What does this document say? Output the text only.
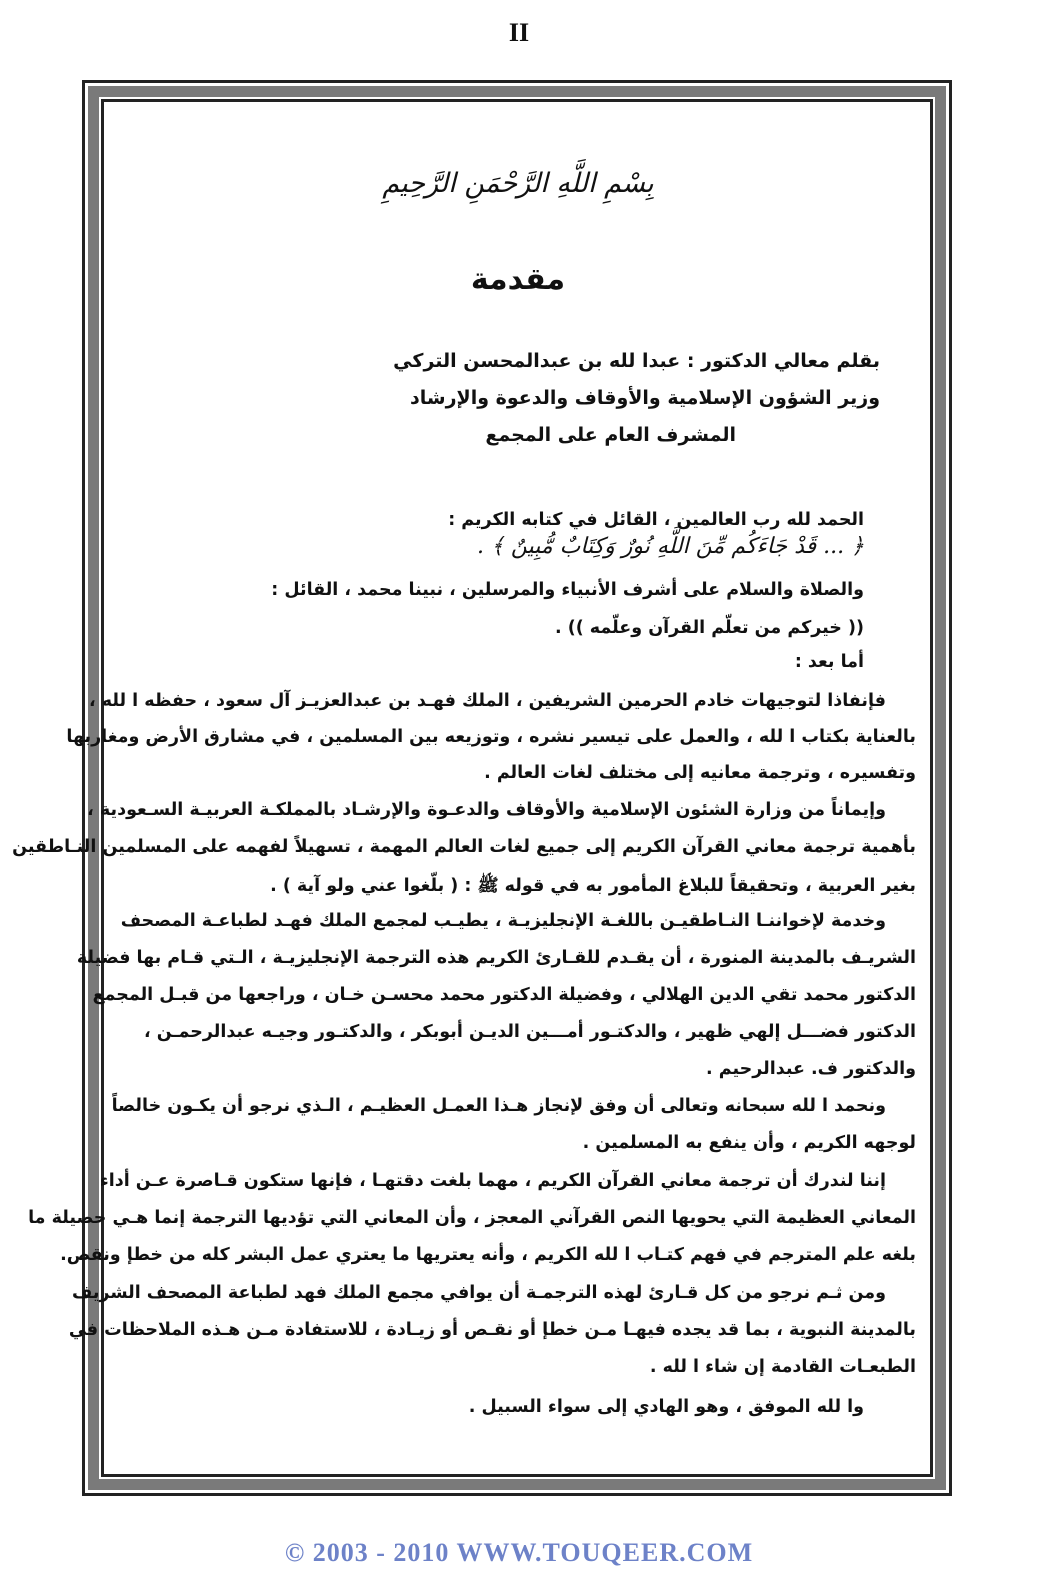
II
بِسْمِ اللَّهِ الرَّحْمَنِ الرَّحِيمِ
مقدمة
بقلم معالي الدكتور : عبدا لله بن عبدالمحسن التركي
وزير الشؤون الإسلامية والأوقاف والدعوة والإرشاد
المشرف العام على المجمع
الحمد لله رب العالمين ، القائل في كتابه الكريم :
﴿ ... قَدْ جَاءَكُم مِّنَ اللَّهِ نُورٌ وَكِتَابٌ مُّبِينٌ ﴾ .
والصلاة والسلام على أشرف الأنبياء والمرسلين ، نبينا محمد ، القائل :
(( خيركم من تعلّم القرآن وعلّمه )) .
أما بعد :
فإنفاذا لتوجيهات خادم الحرمين الشريفين ، الملك فهـد بن عبدالعزيـز آل سعود ، حفظه ا لله ،
بالعناية بكتاب ا لله ، والعمل على تيسير نشره ، وتوزيعه بين المسلمين ، في مشارق الأرض ومغاربها
وتفسيره ، وترجمة معانيه إلى مختلف لغات العالم .
وإيماناً من وزارة الشئون الإسلامية والأوقاف والدعـوة والإرشـاد بالمملكـة العربيـة السـعودية ،
بأهمية ترجمة معاني القرآن الكريم إلى جميع لغات العالم المهمة ، تسهيلاً لفهمه على المسلمين النـاطقين
بغير العربية ، وتحقيقاً للبلاغ المأمور به في قوله ﷺ : ( بلّغوا عني ولو آية ) .
وخدمة لإخواننـا النـاطقيـن باللغـة الإنجليزيـة ، يطيـب لمجمع الملك فهـد لطباعـة المصحف
الشريـف بالمدينة المنورة ، أن يقـدم للقـارئ الكريم هذه الترجمة الإنجليزيـة ، الـتي قـام بها فضيلة
الدكتور محمد تقي الدين الهلالي ، وفضيلة الدكتور محمد محسـن خـان ، وراجعها من قبـل المجمع
الدكتور فضـــل إلهي ظهير ، والدكتـور أمـــين الديـن أبوبكر ، والدكتـور وجيـه عبدالرحمـن ،
والدكتور ف. عبدالرحيم .
ونحمد ا لله سبحانه وتعالى أن وفق لإنجاز هـذا العمـل العظيـم ، الـذي نرجو أن يكـون خالصاً
لوجهه الكريم ، وأن ينفع به المسلمين .
إننا لندرك أن ترجمة معاني القرآن الكريم ، مهما بلغت دقتهـا ، فإنها ستكون قـاصرة عـن أداء
المعاني العظيمة التي يحويها النص القرآني المعجز ، وأن المعاني التي تؤديها الترجمة إنما هـي حصيلة ما
بلغه علم المترجم في فهم كتـاب ا لله الكريم ، وأنه يعتريها ما يعتري عمل البشر كله من خطإ ونقص.
ومن ثـم نرجو من كل قـارئ لهذه الترجمـة أن يوافي مجمع الملك فهد لطباعة المصحف الشريف
بالمدينة النبوية ، بما قد يجده فيهـا مـن خطإ أو نقـص أو زيـادة ، للاستفادة مـن هـذه الملاحظات في
الطبعـات القادمة إن شاء ا لله .
وا لله الموفق ، وهو الهادي إلى سواء السبيل .
© 2003 - 2010 WWW.TOUQEER.COM
